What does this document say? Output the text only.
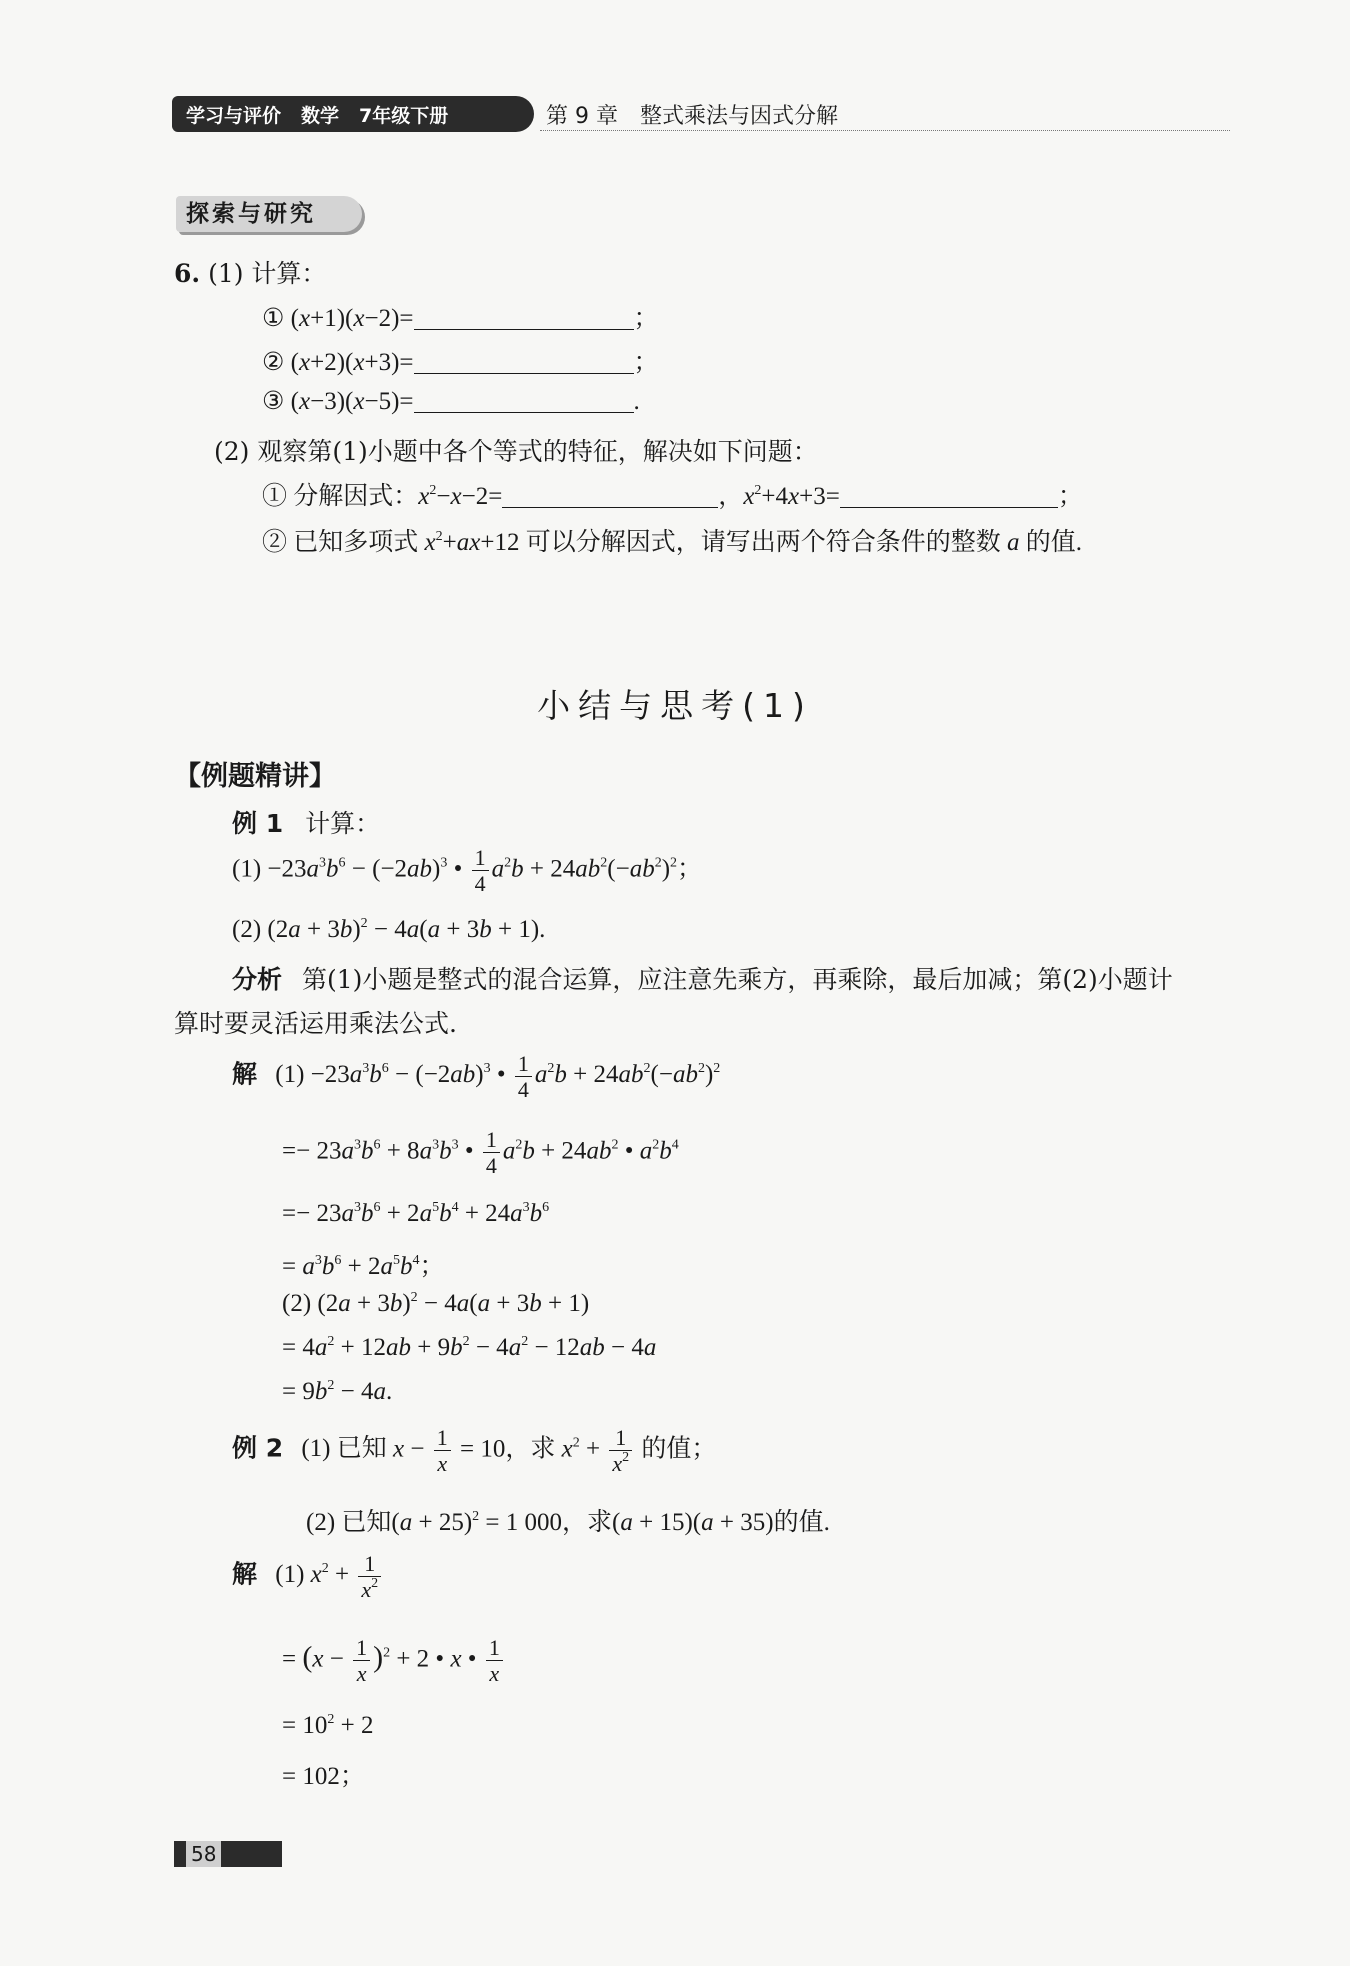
学习与评价 数学 7年级下册	第 9 章　整式乘法与因式分解
探索与研究
6. (1) 计算：
① (x+1)(x−2)=	；
② (x+2)(x+3)=	；
③ (x−3)(x−5)=	.
(2) 观察第(1)小题中各个等式的特征，解决如下问题：
① 分解因式：$x^2-x-2=$	，$x^2+4x+3=$	；
② 已知多项式 $x^2+ax+12$ 可以分解因式，请写出两个符合条件的整数 a 的值.
小结与思考(1)
【例题精讲】
例 1 计算：
$(1) -23a^3b^6 - (-2ab)^3$ • $\frac{1}{4} a^2b + 24ab^2(-ab^2)^2$；
(2) $(2a + 3b)^2 - 4a(a + 3b + 1)$.
分析 第(1)小题是整式的混合运算，应注意先乘方，再乘除，最后加减；第(2)小题计
算时要灵活运用乘法公式.
解 $(1) -23a^3b^6 - (-2ab)^3$ • $\frac{1}{4} a^2b + 24ab^2(-ab^2)^2$
=− $23a^3b^6 + 8a^3b^3$ • $\frac{1}{4} a^2b + 24ab^2$ • $a^2b^4$
=− $23a^3b^6 + 2a^5b^4 + 24a^3b^6$
= $a^3b^6 + 2a^5b^4$；
(2) $(2a + 3b)^2 - 4a(a + 3b + 1)$
= $4a^2 + 12ab + 9b^2 - 4a^2 - 12ab - 4a$
= $9b^2 - 4a$.
例 2 (1) 已知 $x - \frac{1}{x} = 10$，求 $x^2 + \frac{1}{x^2}$ 的值；
(2) 已知$(a + 25)^2 = 1$ 000，求(a + 15)(a + 35)的值.
解 (1) $x^2 + \frac{1}{x^2}$
= $(x - \frac{1}{x} )^2 + 2$ • x • $\frac{1}{x}$
= $10^2 + 2$
= 102；
58
